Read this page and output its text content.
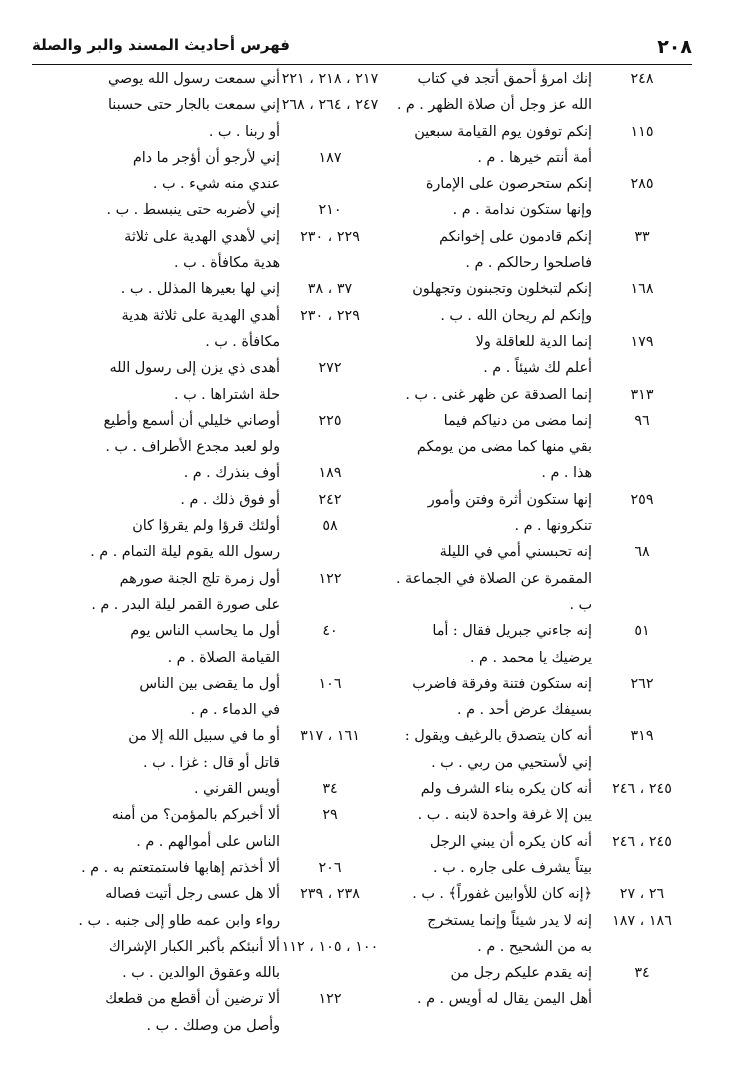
٢٠٨
فهرس أحاديث المسند والبر والصلة
٢٤٨
إنك امرؤ أحمق أتجد في كتاب
الله عز وجل أن صلاة الظهر . م .
١١٥
إنكم توفون يوم القيامة سبعين
أمة أنتم خيرها . م .
٢٨٥
إنكم ستحرصون على الإمارة
وإنها ستكون ندامة . م .
٣٣
إنكم قادمون على إخوانكم
فاصلحوا رحالكم . م .
١٦٨
إنكم لتبخلون وتجبنون وتجهلون
وإنكم لم ريحان الله . ب .
١٧٩
إنما الدية للعاقلة ولا
أعلم لك شيئاً . م .
٣١٣
إنما الصدقة عن ظهر غنى . ب .
٩٦
إنما مضى من دنياكم فيما
بقي منها كما مضى من يومكم
هذا . م .
٢٥٩
إنها ستكون أثرة وفتن وأمور
تنكرونها . م .
٦٨
إنه تحبسني أمي في الليلة
المقمرة عن الصلاة في الجماعة .
ب .
٥١
إنه جاءني جبريل فقال : أما
يرضيك يا محمد . م .
٢٦٢
إنه ستكون فتنة وفرقة فاضرب
بسيفك عرض أحد . م .
٣١٩
أنه كان يتصدق بالرغيف ويقول :
إني لأستحيي من ربي . ب .
٢٤٥ ، ٢٤٦
أنه كان يكره بناء الشرف ولم
يبن إلا غرفة واحدة لابنه . ب .
٢٤٥ ، ٢٤٦
أنه كان يكره أن يبني الرجل
بيتاً يشرف على جاره . ب .
٢٦ ، ٢٧
﴿إنه كان للأوابين غفوراً﴾ . ب .
١٨٦ ، ١٨٧
إنه لا يدر شيئاً وإنما يستخرج
به من الشحيح . م .
٣٤
إنه يقدم عليكم رجل من
أهل اليمن يقال له أويس . م .
٢١٧ ، ٢١٨ ، ٢٢١
أني سمعت رسول الله يوصي
٢٤٧ ، ٢٦٤ ، ٢٦٨
إني سمعت بالجار حتى حسبنا
أو ربنا . ب .
١٨٧
إني لأرجو أن أؤجر ما دام
عندي منه شيء . ب .
٢١٠
إني لأضربه حتى ينبسط . ب .
٢٢٩ ، ٢٣٠
إني لأهدي الهدية على ثلاثة
هدية مكافأة . ب .
٣٧ ، ٣٨
إني لها بعيرها المذلل . ب .
٢٢٩ ، ٢٣٠
أهدي الهدية على ثلاثة هدية
مكافأة . ب .
٢٧٢
أهدى ذي يزن إلى رسول الله
حلة اشتراها . ب .
٢٢٥
أوصاني خليلي أن أسمع وأطيع
ولو لعبد مجدع الأطراف . ب .
١٨٩
أوف بنذرك . م .
٢٤٢
أو فوق ذلك . م .
٥٨
أولئك قرؤا ولم يقرؤا كان
رسول الله يقوم ليلة التمام . م .
١٢٢
أول زمرة تلج الجنة صورهم
على صورة القمر ليلة البدر . م .
٤٠
أول ما يحاسب الناس يوم
القيامة الصلاة . م .
١٠٦
أول ما يقضى بين الناس
في الدماء . م .
١٦١ ، ٣١٧
أو ما في سبيل الله إلا من
قاتل أو قال : غزا . ب .
٣٤
أويس القرني .
٢٩
ألا أخبركم بالمؤمن؟ من أمنه
الناس على أموالهم . م .
٢٠٦
ألا أخذتم إهابها فاستمتعتم به . م .
٢٣٨ ، ٢٣٩
ألا هل عسى رجل أتيت فصاله
رواء وابن عمه طاو إلى جنبه . ب .
١٠٠ ، ١٠٥ ، ١١٢
ألا أنبئكم بأكبر الكبار الإشراك
بالله وعقوق الوالدين . ب .
١٢٢
ألا ترضين أن أقطع من قطعك
وأصل من وصلك . ب .
